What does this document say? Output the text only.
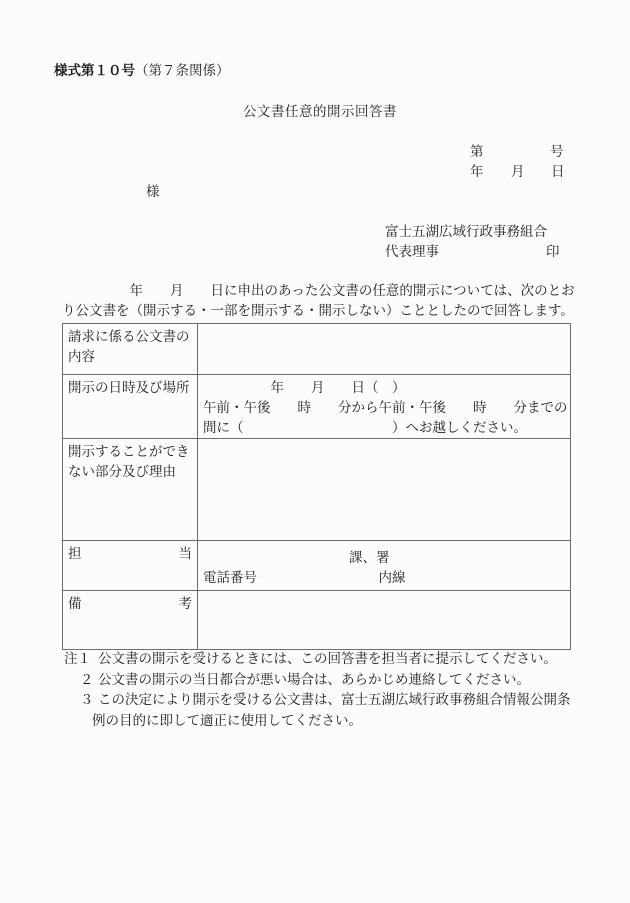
様式第１０号（第７条関係）
公文書任意的開示回答書
第	号
年 月 日
様
富士五湖広域行政事務組合
代表理事	印
　　　　　年　　月　　日に申出のあった公文書の任意的開示については、次のとお
り公文書を（開示する・一部を開示する・開示しない）こととしたので回答します。
請求に係る公文書の
内容	

開示の日時及び場所	　　　　　年　　月　　日（　）
午前・午後　　時　　分から午前・午後　　時　　分までの
間に（　　　　　　　　　　　）へお越しください。

開示することができ
ない部分及び理由	

担 当	課、署
電話番号　　　　　　　　　内線

備 考	

注１ 公文書の開示を受けるときには、この回答書を担当者に提示してください。
２ 公文書の開示の当日都合が悪い場合は、あらかじめ連絡してください。
３ この決定により開示を受ける公文書は、富士五湖広域行政事務組合情報公開条
例の目的に即して適正に使用してください。
